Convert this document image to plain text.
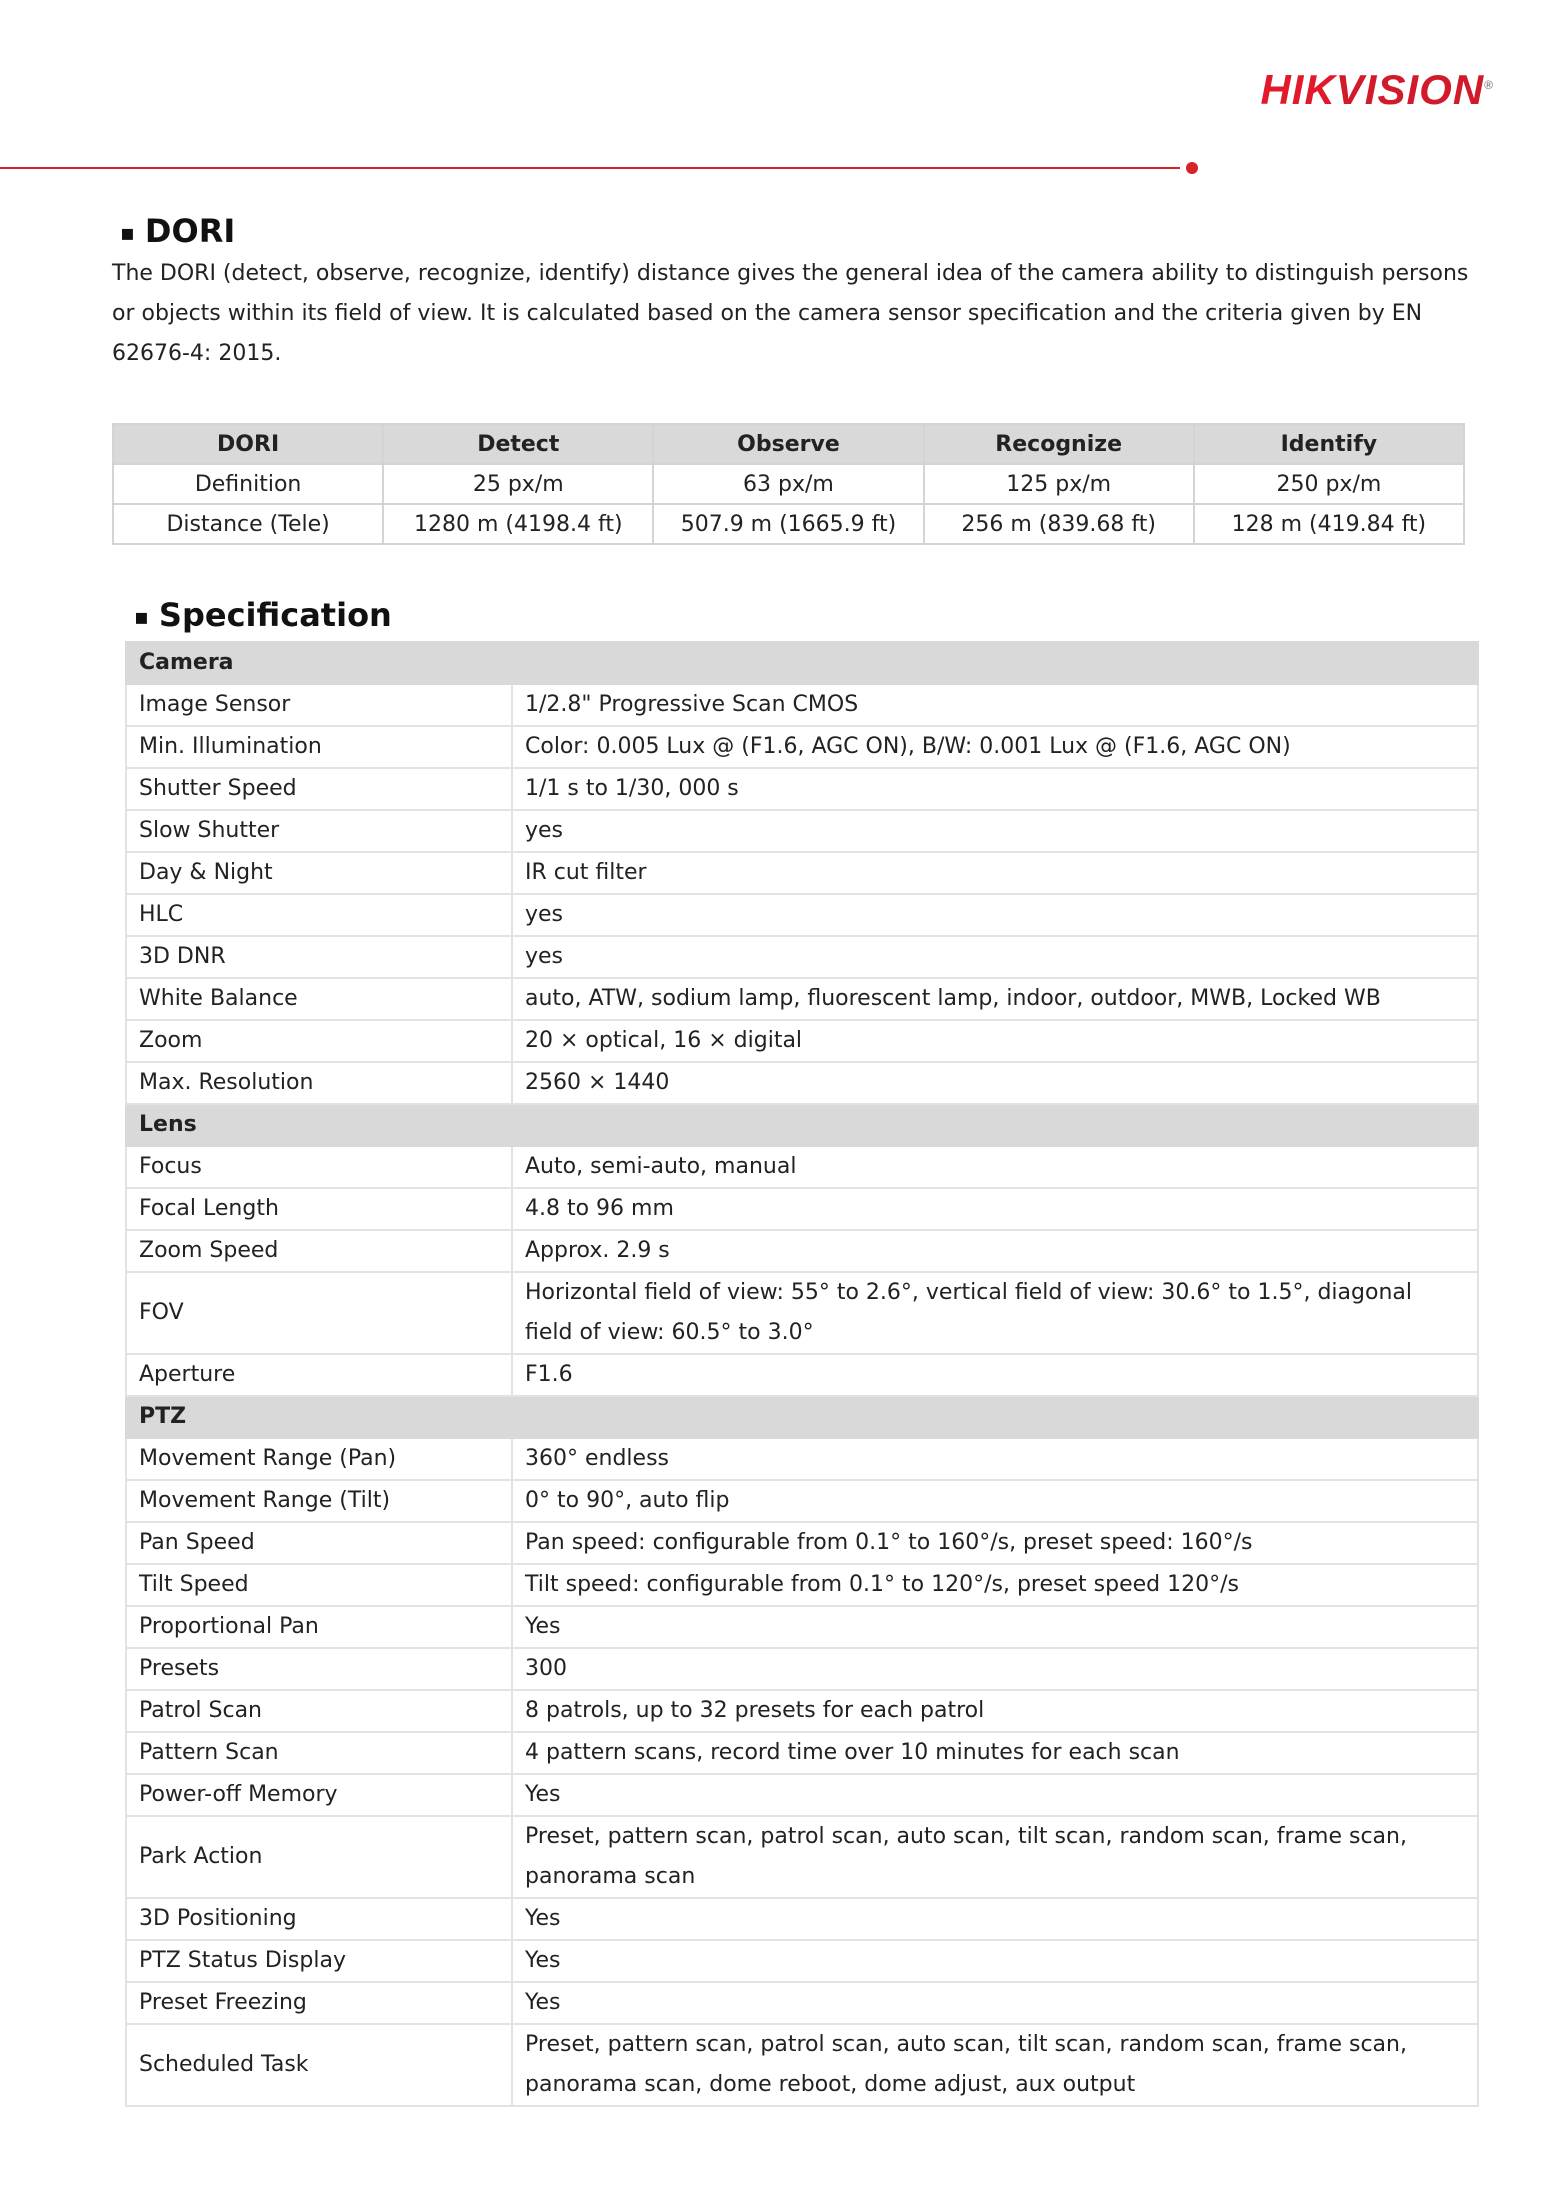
HIKVISION®
▪ DORI
The DORI (detect, observe, recognize, identify) distance gives the general idea of the camera ability to distinguish persons or objects within its field of view. It is calculated based on the camera sensor specification and the criteria given by EN 62676-4: 2015.
DORI	Detect	Observe	Recognize	Identify
Definition	25 px/m	63 px/m	125 px/m	250 px/m
Distance (Tele)	1280 m (4198.4 ft)	507.9 m (1665.9 ft)	256 m (839.68 ft)	128 m (419.84 ft)
▪ Specification
Camera	
Image Sensor	1/2.8" Progressive Scan CMOS
Min. Illumination	Color: 0.005 Lux @ (F1.6, AGC ON), B/W: 0.001 Lux @ (F1.6, AGC ON)
Shutter Speed	1/1 s to 1/30, 000 s
Slow Shutter	yes
Day & Night	IR cut filter
HLC	yes
3D DNR	yes
White Balance	auto, ATW, sodium lamp, fluorescent lamp, indoor, outdoor, MWB, Locked WB
Zoom	20 × optical, 16 × digital
Max. Resolution	2560 × 1440
Lens	
Focus	Auto, semi-auto, manual
Focal Length	4.8 to 96 mm
Zoom Speed	Approx. 2.9 s
FOV	Horizontal field of view: 55° to 2.6°, vertical field of view: 30.6° to 1.5°, diagonal field of view: 60.5° to 3.0°
Aperture	F1.6
PTZ	
Movement Range (Pan)	360° endless
Movement Range (Tilt)	0° to 90°, auto flip
Pan Speed	Pan speed: configurable from 0.1° to 160°/s, preset speed: 160°/s
Tilt Speed	Tilt speed: configurable from 0.1° to 120°/s, preset speed 120°/s
Proportional Pan	Yes
Presets	300
Patrol Scan	8 patrols, up to 32 presets for each patrol
Pattern Scan	4 pattern scans, record time over 10 minutes for each scan
Power-off Memory	Yes
Park Action	Preset, pattern scan, patrol scan, auto scan, tilt scan, random scan, frame scan, panorama scan
3D Positioning	Yes
PTZ Status Display	Yes
Preset Freezing	Yes
Scheduled Task	Preset, pattern scan, patrol scan, auto scan, tilt scan, random scan, frame scan, panorama scan, dome reboot, dome adjust, aux output
